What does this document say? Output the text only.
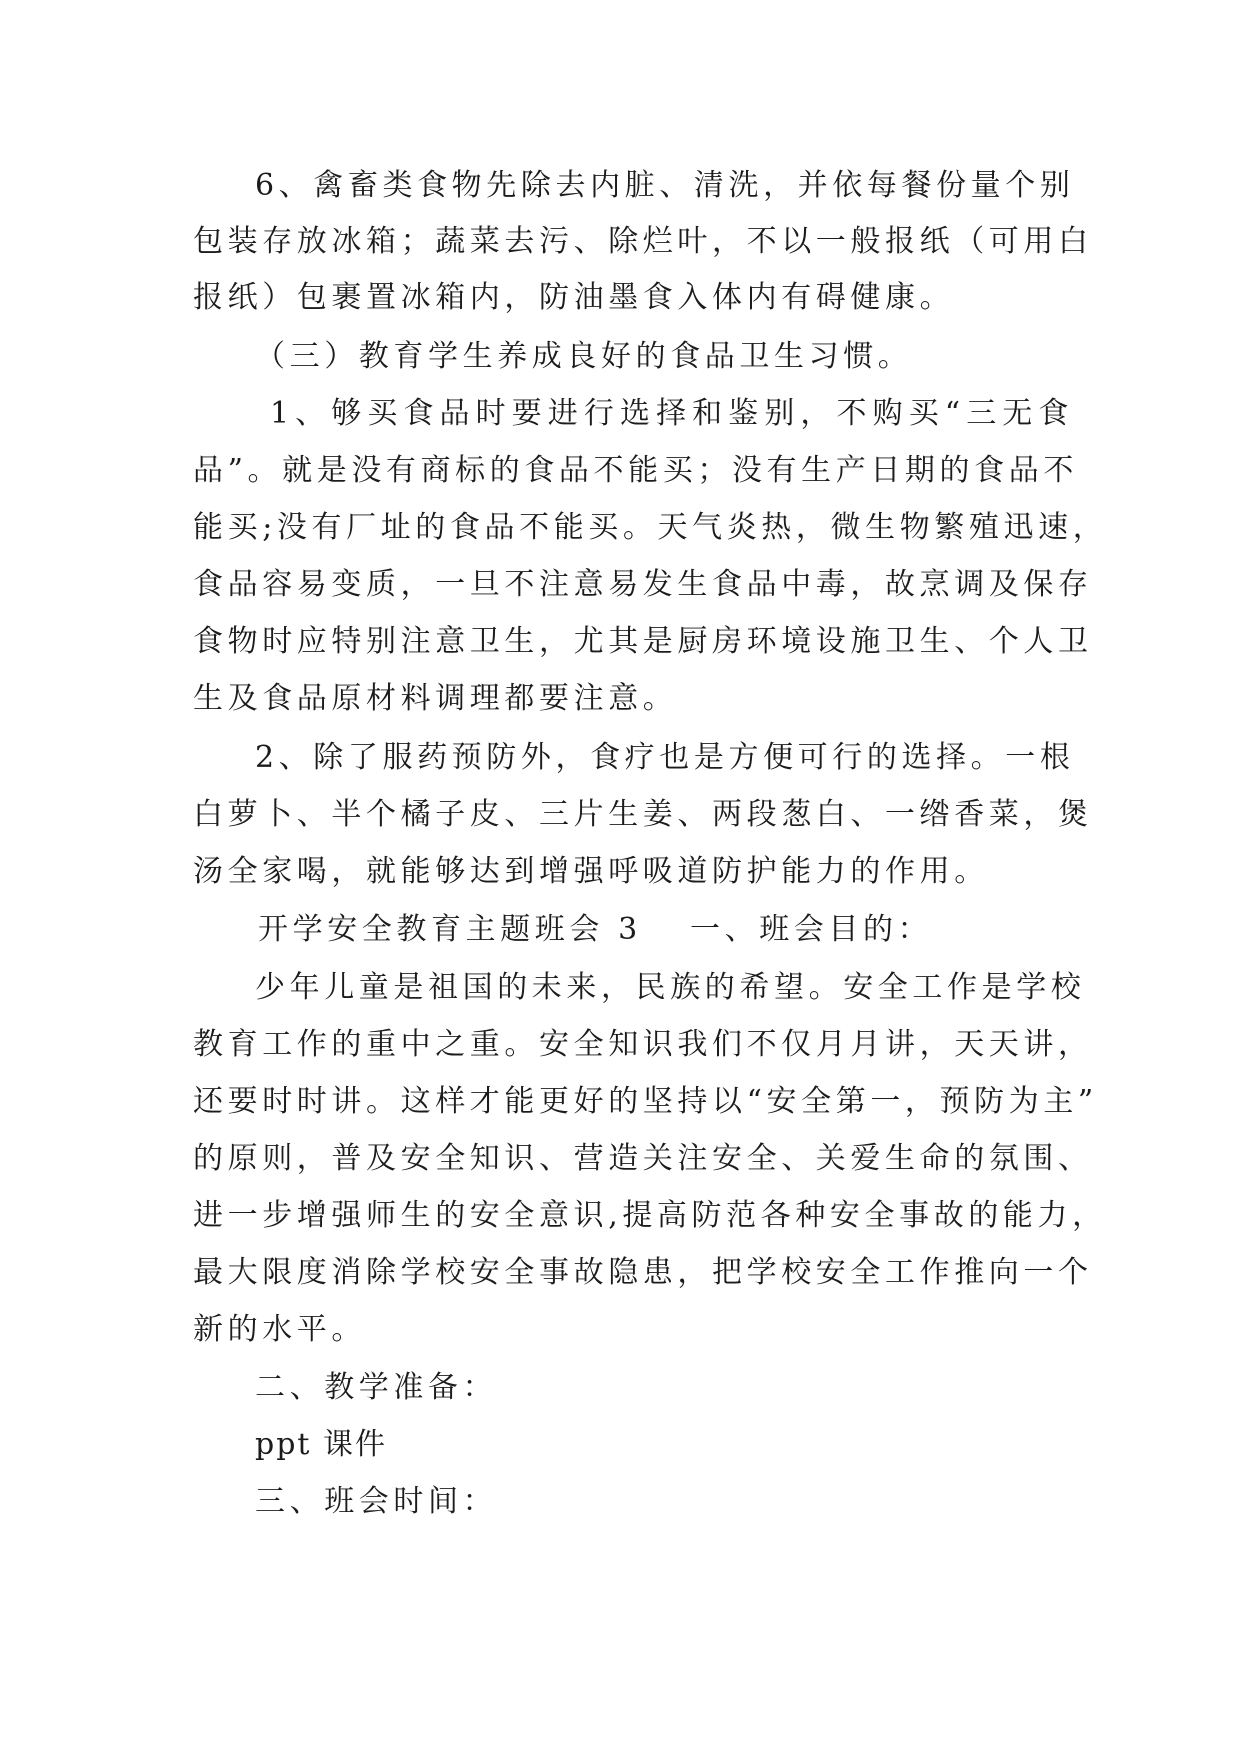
6、禽畜类食物先除去内脏、清洗，并依每餐份量个别
包装存放冰箱；蔬菜去污、除烂叶，不以一般报纸（可用白
报纸）包裹置冰箱内，防油墨食入体内有碍健康。
（三）教育学生养成良好的食品卫生习惯。
1、够买食品时要进行选择和鉴别，不购买“三无食
品”。就是没有商标的食品不能买；没有生产日期的食品不
能买;没有厂址的食品不能买。天气炎热，微生物繁殖迅速，
食品容易变质，一旦不注意易发生食品中毒，故烹调及保存
食物时应特别注意卫生，尤其是厨房环境设施卫生、个人卫
生及食品原材料调理都要注意。
2、除了服药预防外，食疗也是方便可行的选择。一根
白萝卜、半个橘子皮、三片生姜、两段葱白、一绺香菜，煲
汤全家喝，就能够达到增强呼吸道防护能力的作用。
开学安全教育主题班会 3 一、班会目的：
少年儿童是祖国的未来，民族的希望。安全工作是学校
教育工作的重中之重。安全知识我们不仅月月讲，天天讲，
还要时时讲。这样才能更好的坚持以“安全第一，预防为主”
的原则，普及安全知识、营造关注安全、关爱生命的氛围、
进一步增强师生的安全意识,提高防范各种安全事故的能力，
最大限度消除学校安全事故隐患，把学校安全工作推向一个
新的水平。
二、教学准备：
ppt 课件
三、班会时间：
